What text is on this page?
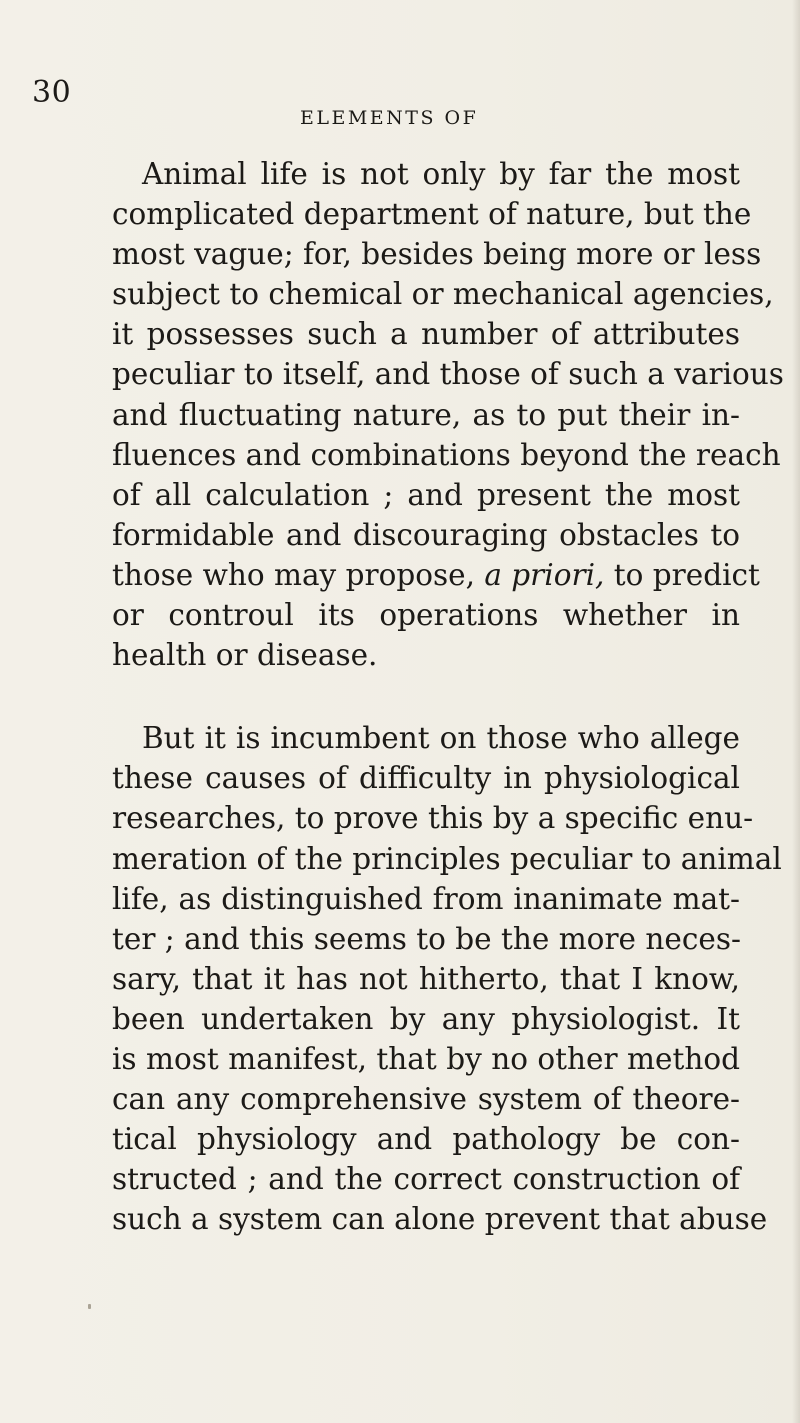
30
ELEMENTS OF
Animal life is not only by far the most
complicated department of nature, but the
most vague; for, besides being more or less
subject to chemical or mechanical agencies,
it possesses such a number of attributes
peculiar to itself, and those of such a various
and fluctuating nature, as to put their in-
fluences and combinations beyond the reach
of all calculation ; and present the most
formidable and discouraging obstacles to
those who may propose, a priori, to predict
or controul its operations whether in
health or disease.
But it is incumbent on those who allege
these causes of difficulty in physiological
researches, to prove this by a specific enu-
meration of the principles peculiar to animal
life, as distinguished from inanimate mat-
ter ; and this seems to be the more neces-
sary, that it has not hitherto, that I know,
been undertaken by any physiologist. It
is most manifest, that by no other method
can any comprehensive system of theore-
tical physiology and pathology be con-
structed ; and the correct construction of
such a system can alone prevent that abuse
